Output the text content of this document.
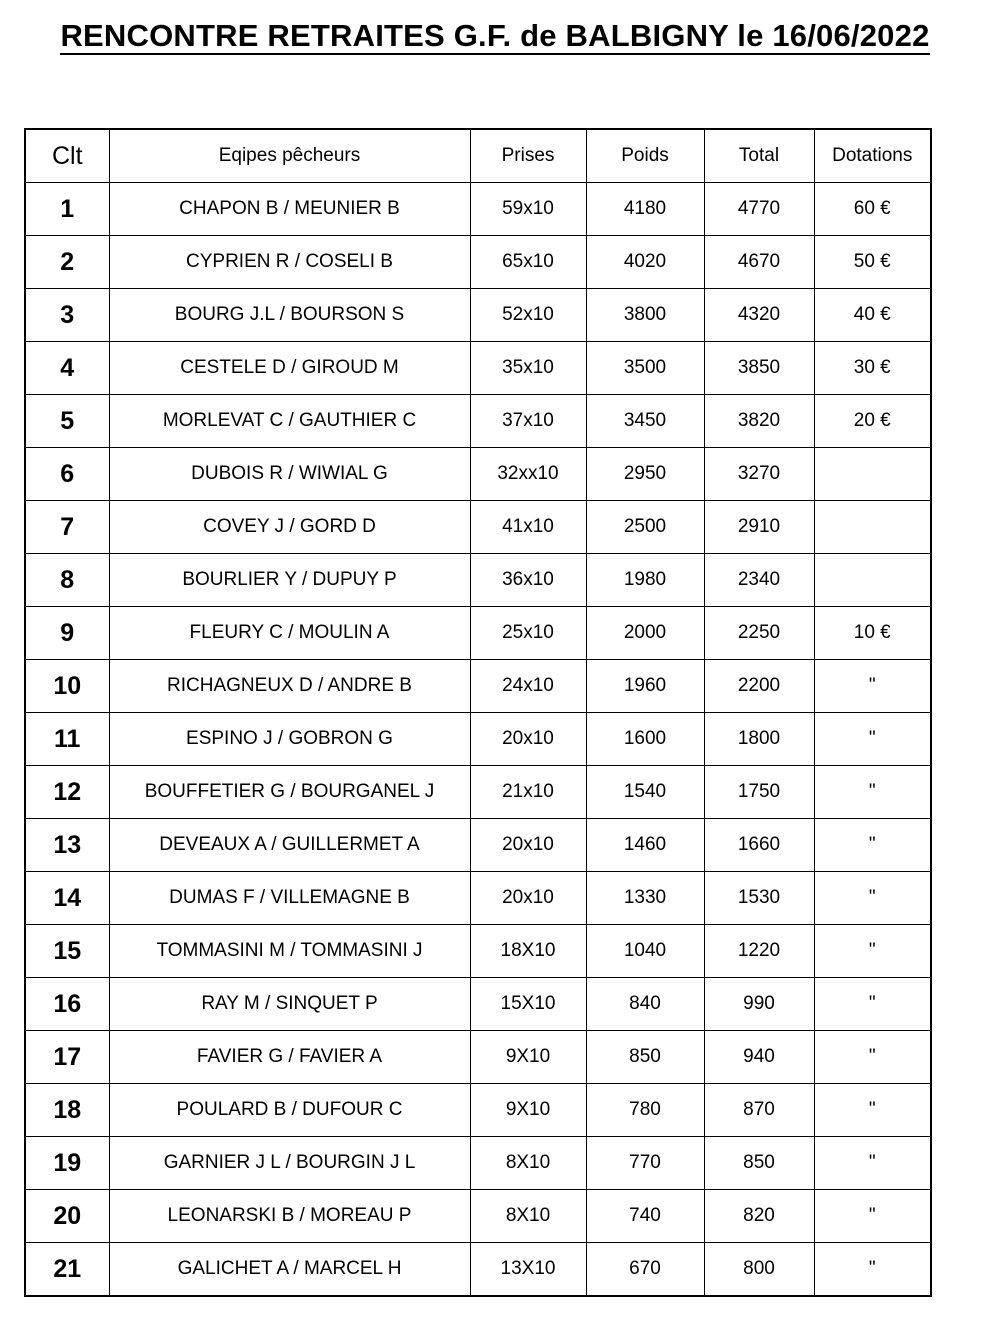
RENCONTRE RETRAITES G.F. de BALBIGNY le 16/06/2022
Clt	Eqipes pêcheurs	Prises	Poids	Total	Dotations
1	CHAPON B / MEUNIER B	59x10	4180	4770	60 €
2	CYPRIEN R / COSELI B	65x10	4020	4670	50 €
3	BOURG J.L / BOURSON S	52x10	3800	4320	40 €
4	CESTELE D / GIROUD M	35x10	3500	3850	30 €
5	MORLEVAT C / GAUTHIER C	37x10	3450	3820	20 €
6	DUBOIS R / WIWIAL G	32xx10	2950	3270	
7	COVEY J / GORD D	41x10	2500	2910	
8	BOURLIER Y / DUPUY P	36x10	1980	2340	
9	FLEURY C / MOULIN A	25x10	2000	2250	10 €
10	RICHAGNEUX D / ANDRE B	24x10	1960	2200	"
11	ESPINO J / GOBRON G	20x10	1600	1800	"
12	BOUFFETIER G / BOURGANEL J	21x10	1540	1750	"
13	DEVEAUX A / GUILLERMET A	20x10	1460	1660	"
14	DUMAS F / VILLEMAGNE B	20x10	1330	1530	"
15	TOMMASINI M / TOMMASINI J	18X10	1040	1220	"
16	RAY M / SINQUET P	15X10	840	990	"
17	FAVIER G / FAVIER A	9X10	850	940	"
18	POULARD B / DUFOUR C	9X10	780	870	"
19	GARNIER J L / BOURGIN J L	8X10	770	850	"
20	LEONARSKI B / MOREAU P	8X10	740	820	"
21	GALICHET A / MARCEL H	13X10	670	800	"
